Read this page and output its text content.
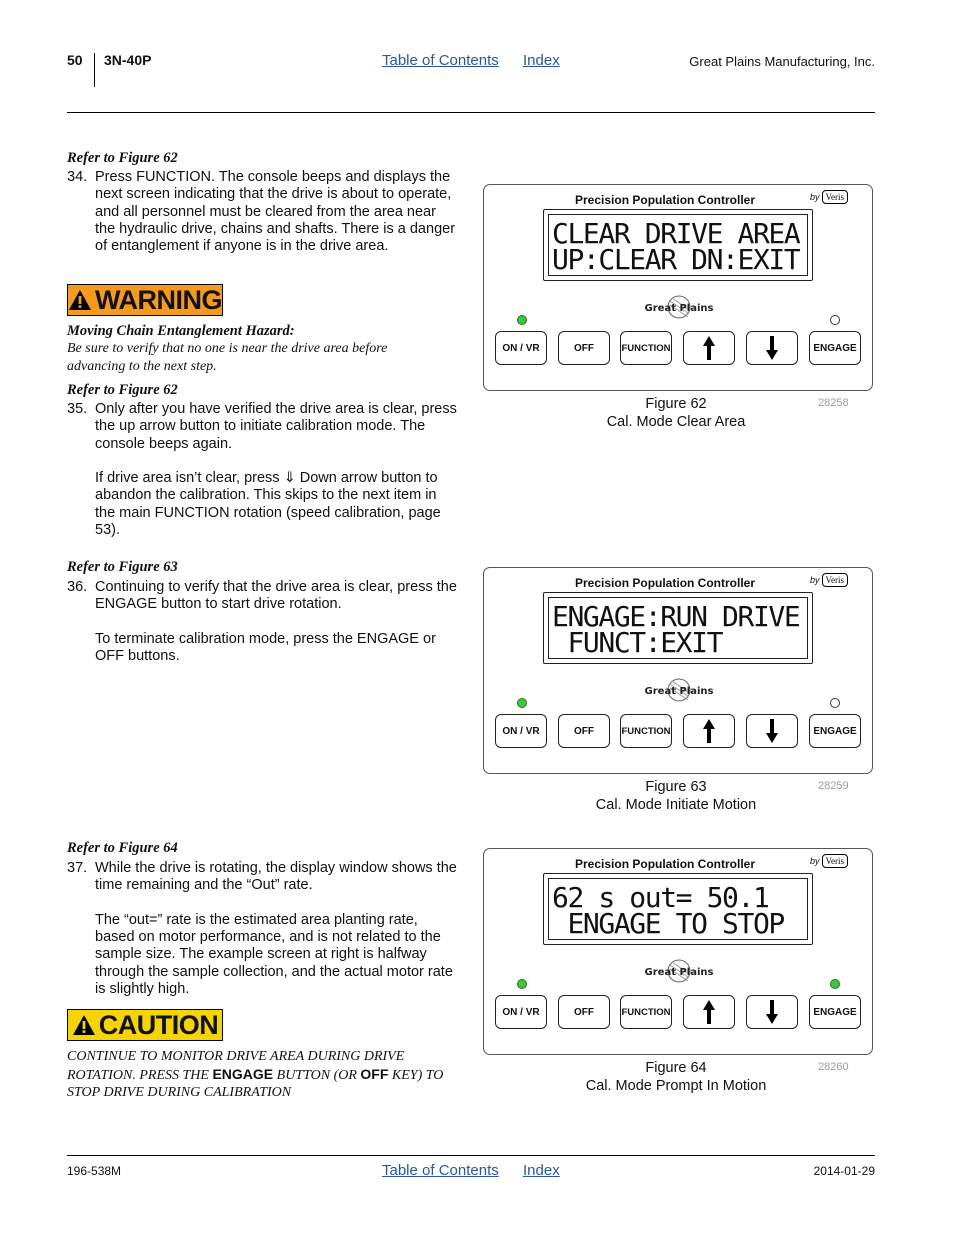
50 3N-40P	Table of Contents Index	Great Plains Manufacturing, Inc.
Refer to Figure 62
34. Press FUNCTION. The console beeps and displays the next screen indicating that the drive is about to operate, and all personnel must be cleared from the area near the hydraulic drive, chains and shafts. There is a danger of entanglement if anyone is in the drive area.

WARNING
Moving Chain Entanglement Hazard:
Be sure to verify that no one is near the drive area before advancing to the next step.
Refer to Figure 62
35. Only after you have verified the drive area is clear, press the up arrow button to initiate calibration mode. The console beeps again.

If drive area isn’t clear, press ⇓ Down arrow button to abandon the calibration. This skips to the next item in the main FUNCTION rotation (speed calibration, page 53).

Refer to Figure 63
36. Continuing to verify that the drive area is clear, press the ENGAGE button to start drive rotation.

To terminate calibration mode, press the ENGAGE or OFF buttons.

Refer to Figure 64
37. While the drive is rotating, the display window shows the time remaining and the “Out” rate.

The “out=” rate is the estimated area planting rate, based on motor performance, and is not related to the sample size. The example screen at right is halfway through the sample collection, and the actual motor rate is slightly high.

CAUTION
CONTINUE TO MONITOR DRIVE AREA DURING DRIVE ROTATION. PRESS THE ENGAGE BUTTON (OR OFF KEY) TO STOP DRIVE DURING CALIBRATION
Precision Population Controller	by Veris
CLEAR DRIVE AREA
UP:CLEAR DN:EXIT
Great Plains
ON / VR	OFF	FUNCTION	ENGAGE
Figure 62
Cal. Mode Clear Area
28258
Precision Population Controller	by Veris
ENGAGE:RUN DRIVE
FUNCT:EXIT
Great Plains
ON / VR	OFF	FUNCTION	ENGAGE
Figure 63
Cal. Mode Initiate Motion
28259
Precision Population Controller	by Veris
62 s out= 50.1
ENGAGE TO STOP
Great Plains
ON / VR	OFF	FUNCTION	ENGAGE
Figure 64
Cal. Mode Prompt In Motion
28260
196-538M	Table of Contents Index	2014-01-29
